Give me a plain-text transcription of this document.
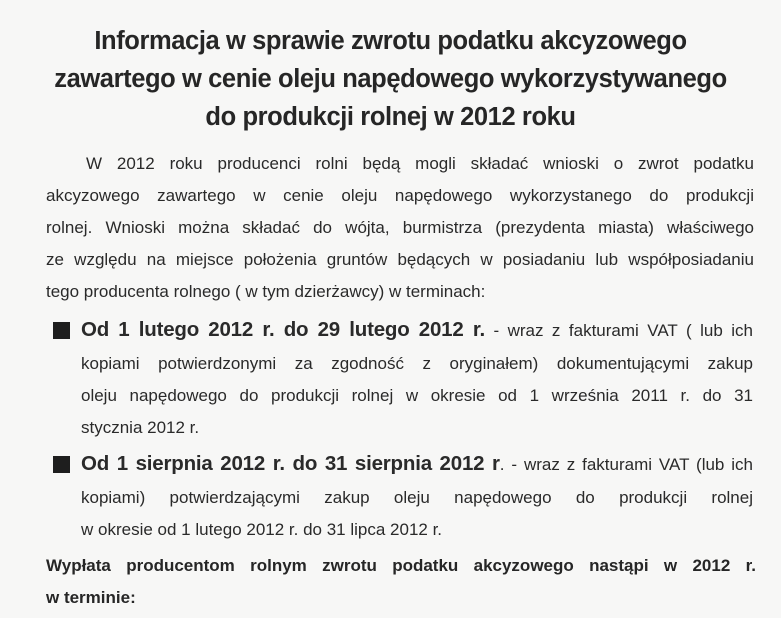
Informacja w sprawie zwrotu podatku akcyzowego
zawartego w cenie oleju napędowego wykorzystywanego
do produkcji rolnej w 2012 roku
W 2012 roku producenci rolni będą mogli składać wnioski o zwrot podatku
akcyzowego zawartego w cenie oleju napędowego wykorzystanego do produkcji
rolnej. Wnioski można składać do wójta, burmistrza (prezydenta miasta) właściwego
ze względu na miejsce położenia gruntów będących w posiadaniu lub współposiadaniu
tego producenta rolnego ( w tym dzierżawcy) w terminach:
Od 1 lutego 2012 r. do 29 lutego 2012 r. - wraz z fakturami VAT ( lub ich
kopiami potwierdzonymi za zgodność z oryginałem) dokumentującymi zakup
oleju napędowego do produkcji rolnej w okresie od 1 września 2011 r. do 31
stycznia 2012 r.
Od 1 sierpnia 2012 r. do 31 sierpnia 2012 r. - wraz z fakturami VAT (lub ich
kopiami) potwierdzającymi zakup oleju napędowego do produkcji rolnej
w okresie od 1 lutego 2012 r. do 31 lipca 2012 r.
Wypłata producentom rolnym zwrotu podatku akcyzowego nastąpi w 2012 r.
w terminie:
